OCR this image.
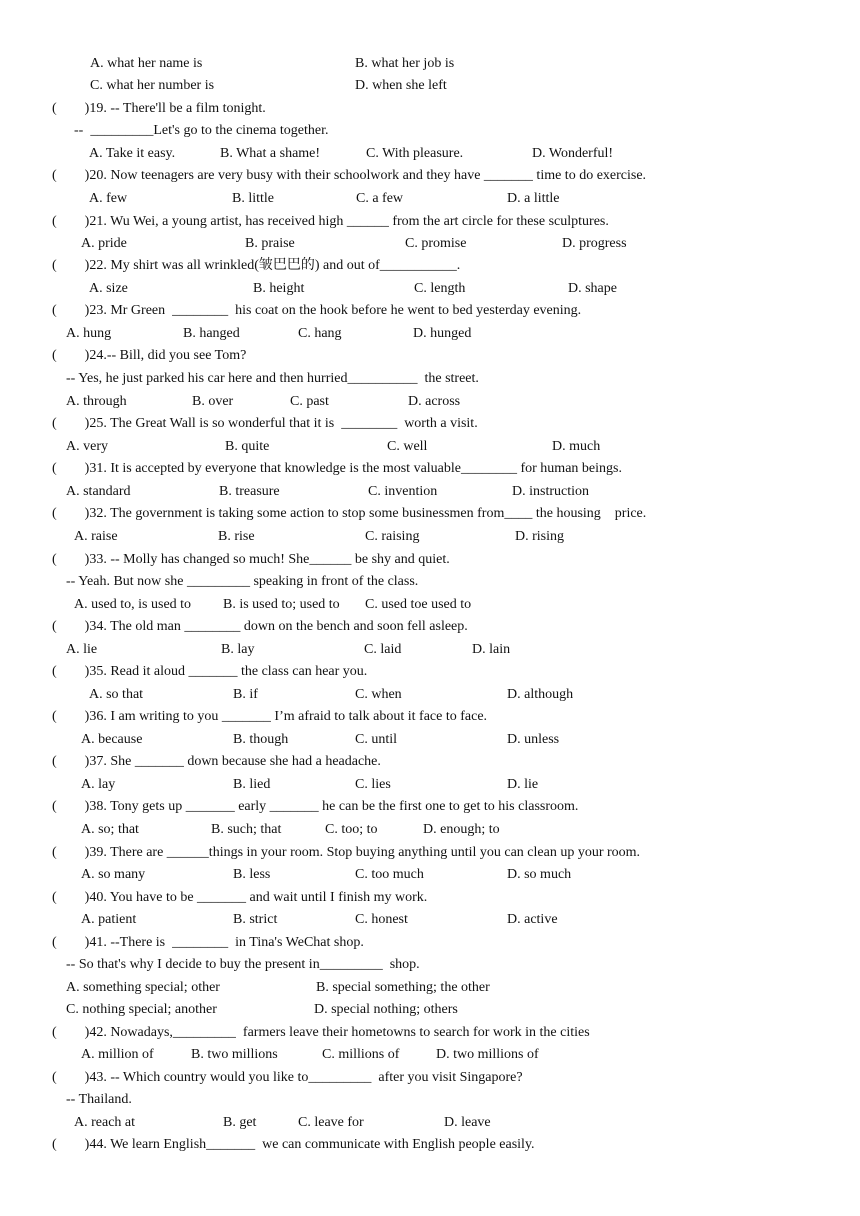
A. what her name is	B. what her job is
C. what her number is	D. when she left
(        )19. -- There'll be a film tonight.
--  _________Let's go to the cinema together.
A. Take it easy.	B. What a shame!	C. With pleasure.	D. Wonderful!
(        )20. Now teenagers are very busy with their schoolwork and they have _______ time to do exercise.
A. few	B. little	C. a few	D. a little
(        )21. Wu Wei, a young artist, has received high ______ from the art circle for these sculptures.
A. pride	B. praise	C. promise	D. progress
(        )22. My shirt was all wrinkled(皱巴巴的) and out of___________.
A. size	B. height	C. length	D. shape
(        )23. Mr Green  ________  his coat on the hook before he went to bed yesterday evening.
A. hung	B. hanged	C. hang	D. hunged
(        )24.-- Bill, did you see Tom?
-- Yes, he just parked his car here and then hurried__________  the street.
A. through	B. over	C. past	D. across
(        )25. The Great Wall is so wonderful that it is  ________  worth a visit.
A. very	B. quite	C. well	D. much
(        )31. It is accepted by everyone that knowledge is the most valuable________ for human beings.
A. standard	B. treasure	C. invention	D. instruction
(        )32. The government is taking some action to stop some businessmen from____ the housing    price.
A. raise	B. rise	C. raising	D. rising
(        )33. -- Molly has changed so much! She______ be shy and quiet.
-- Yeah. But now she _________ speaking in front of the class.
A. used to, is used to B. is used to; used to C. used toe used to
(        )34. The old man ________ down on the bench and soon fell asleep.
A. lie	B. lay	C. laid	D. lain
(        )35. Read it aloud _______ the class can hear you.
A. so that	B. if	C. when	D. although
(        )36. I am writing to you _______ I’m afraid to talk about it face to face.
A. because	B. though	C. until	D. unless
(        )37. She _______ down because she had a headache.
A. lay	B. lied	C. lies	D. lie
(        )38. Tony gets up _______ early _______ he can be the first one to get to his classroom.
A. so; that	B. such; that	C. too; to	D. enough; to
(        )39. There are ______things in your room. Stop buying anything until you can clean up your room.
A. so many	B. less	C. too much	D. so much
(        )40. You have to be _______ and wait until I finish my work.
A. patient	B. strict	C. honest	D. active
(        )41. --There is  ________  in Tina's WeChat shop.
-- So that's why I decide to buy the present in_________  shop.
A. something special; other	B. special something; the other
C. nothing special; another	D. special nothing; others
(        )42. Nowadays,_________  farmers leave their hometowns to search for work in the cities
A. million of	B. two millions	C. millions of	D. two millions of
(        )43. -- Which country would you like to_________  after you visit Singapore?
-- Thailand.
A. reach at	B. get	C. leave for	D. leave
(        )44. We learn English_______  we can communicate with English people easily.
